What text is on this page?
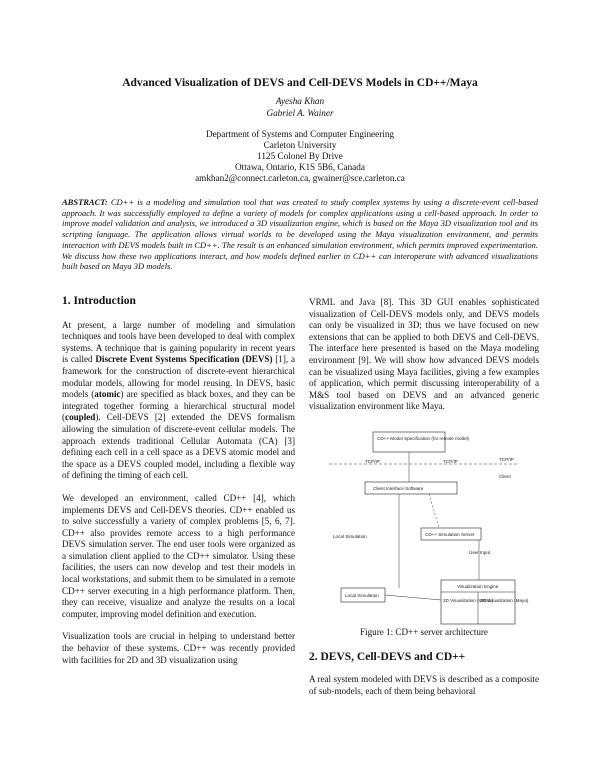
Advanced Visualization of DEVS and Cell-DEVS Models in CD++/Maya
Ayesha Khan
Gabriel A. Wainer
Department of Systems and Computer Engineering
Carleton University
1125 Colonel By Drive
Ottawa, Ontario, K1S 5B6, Canada
amkhan2@connect.carleton.ca, gwainer@sce.carleton.ca
ABSTRACT: CD++ is a modeling and simulation tool that was created to study complex systems by using a discrete-event cell-based approach. It was successfully employed to define a variety of models for complex applications using a cell-based approach. In order to improve model validation and analysis, we introduced a 3D visualization engine, which is based on the Maya 3D visualization tool and its scripting language. The application allows virtual worlds to be developed using the Maya visualization environment, and permits interaction with DEVS models built in CD++. The result is an enhanced simulation environment, which permits improved experimentation. We discuss how these two applications interact, and how models defined earlier in CD++ can interoperate with advanced visualizations built based on Maya 3D models.
1. Introduction
At present, a large number of modeling and simulation techniques and tools have been developed to deal with complex systems. A technique that is gaining popularity in recent years is called Discrete Event Systems Specification (DEVS) [1], a framework for the construction of discrete-event hierarchical modular models, allowing for model reusing. In DEVS, basic models (atomic) are specified as black boxes, and they can be integrated together forming a hierarchical structural model (coupled). Cell-DEVS [2] extended the DEVS formalism allowing the simulation of discrete-event cellular models. The approach extends traditional Cellular Automata (CA) [3] defining each cell in a cell space as a DEVS atomic model and the space as a DEVS coupled model, including a flexible way of defining the timing of each cell.
We developed an environment, called CD++ [4], which implements DEVS and Cell-DEVS theories. CD++ enabled us to solve successfully a variety of complex problems [5, 6, 7]. CD++ also provides remote access to a high performance DEVS simulation server. The end user tools were organized as a simulation client applied to the CD++ simulator. Using these facilities, the users can now develop and test their models in local workstations, and submit them to be simulated in a remote CD++ server executing in a high performance platform. Then, they can receive, visualize and analyze the results on a local computer, improving model definition and execution.
Visualization tools are crucial in helping to understand better the behavior of these systems. CD++ was recently provided with facilities for 2D and 3D visualization using
VRML and Java [8]. This 3D GUI enables sophisticated visualization of Cell-DEVS models only, and DEVS models can only be visualized in 3D; thus we have focused on new extensions that can be applied to both DEVS and Cell-DEVS. The interface here presented is based on the Maya modeling environment [9]. We will show how advanced DEVS models can be visualized using Maya facilities, giving a few examples of application, which permit discussing interoperability of a M&S tool based on DEVS and an advanced generic visualization environment like Maya.
CD++ Model Specification (for remote model)
TCP/IP	TCP/IP	TCP/IP
Client
Client Interface Software
Local Simulation	CD++ Simulation Server
User Input
Local Simulation
Visualization Engine
2D Visualization (VRML)
3D Visualization (Maya)
Figure 1: CD++ server architecture
2. DEVS, Cell-DEVS and CD++
A real system modeled with DEVS is described as a composite of sub-models, each of them being behavioral
